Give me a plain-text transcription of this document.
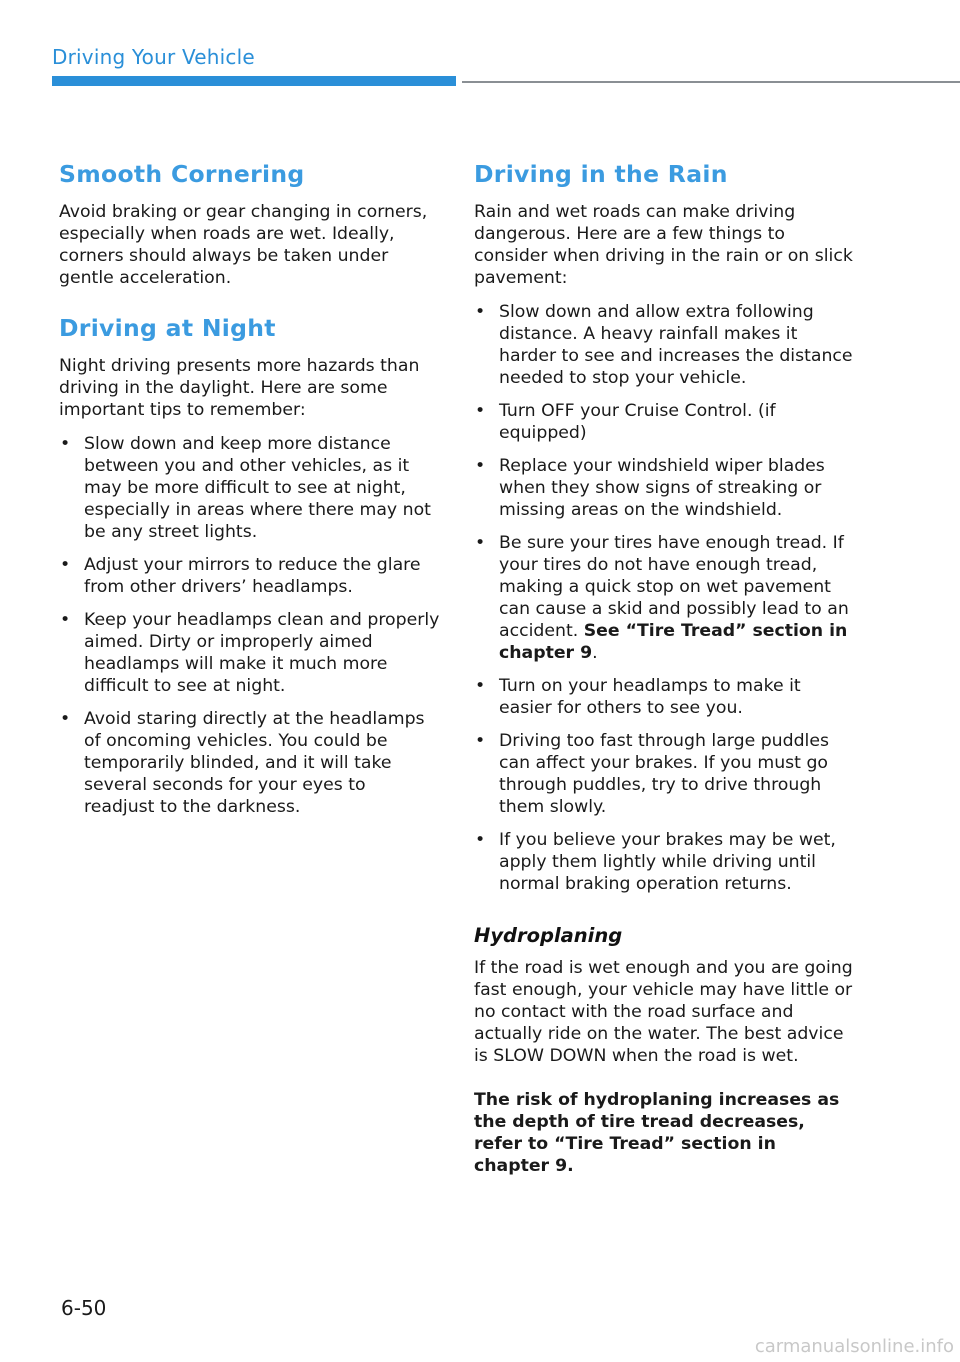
Driving Your Vehicle
Smooth Cornering

Avoid braking or gear changing in corners, especially when roads are wet. Ideally, corners should always be taken under gentle acceleration.

Driving at Night

Night driving presents more hazards than driving in the daylight. Here are some important tips to remember:

• Slow down and keep more distance between you and other vehicles, as it may be more difficult to see at night, especially in areas where there may not be any street lights.
• Adjust your mirrors to reduce the glare from other drivers’ headlamps.
• Keep your headlamps clean and properly aimed. Dirty or improperly aimed headlamps will make it much more difficult to see at night.
• Avoid staring directly at the headlamps of oncoming vehicles. You could be temporarily blinded, and it will take several seconds for your eyes to readjust to the darkness.
Driving in the Rain

Rain and wet roads can make driving dangerous. Here are a few things to consider when driving in the rain or on slick pavement:

• Slow down and allow extra following distance. A heavy rainfall makes it harder to see and increases the distance needed to stop your vehicle.
• Turn OFF your Cruise Control. (if equipped)
• Replace your windshield wiper blades when they show signs of streaking or missing areas on the windshield.
• Be sure your tires have enough tread. If your tires do not have enough tread, making a quick stop on wet pavement can cause a skid and possibly lead to an accident. See “Tire Tread” section in chapter 9.
• Turn on your headlamps to make it easier for others to see you.
• Driving too fast through large puddles can affect your brakes. If you must go through puddles, try to drive through them slowly.
• If you believe your brakes may be wet, apply them lightly while driving until normal braking operation returns.
Hydroplaning

If the road is wet enough and you are going fast enough, your vehicle may have little or no contact with the road surface and actually ride on the water. The best advice is SLOW DOWN when the road is wet.

The risk of hydroplaning increases as the depth of tire tread decreases, refer to “Tire Tread” section in chapter 9.

6-50
carmanualsonline.info
